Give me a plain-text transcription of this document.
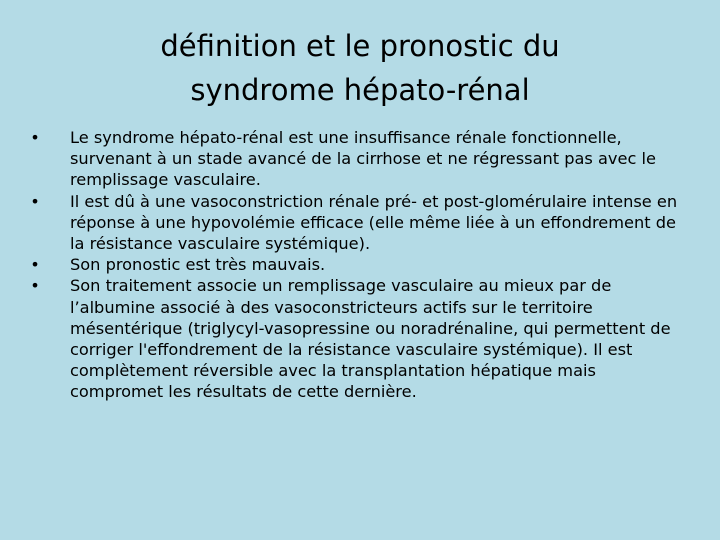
définition et le pronostic du
syndrome hépato-rénal
• Le syndrome hépato-rénal est une insuffisance rénale fonctionnelle, survenant à un stade avancé de la cirrhose et ne régressant pas avec le remplissage vasculaire.
• Il est dû à une vasoconstriction rénale pré- et post-glomérulaire intense en réponse à une hypovolémie efficace (elle même liée à un effondrement de la résistance vasculaire systémique).
• Son pronostic est très mauvais.
• Son traitement associe un remplissage vasculaire au mieux par de l’albumine associé à des vasoconstricteurs actifs sur le territoire mésentérique (triglycyl-vasopressine ou noradrénaline, qui permettent de corriger l'effondrement de la résistance vasculaire systémique). Il est complètement réversible avec la transplantation hépatique mais compromet les résultats de cette dernière.
